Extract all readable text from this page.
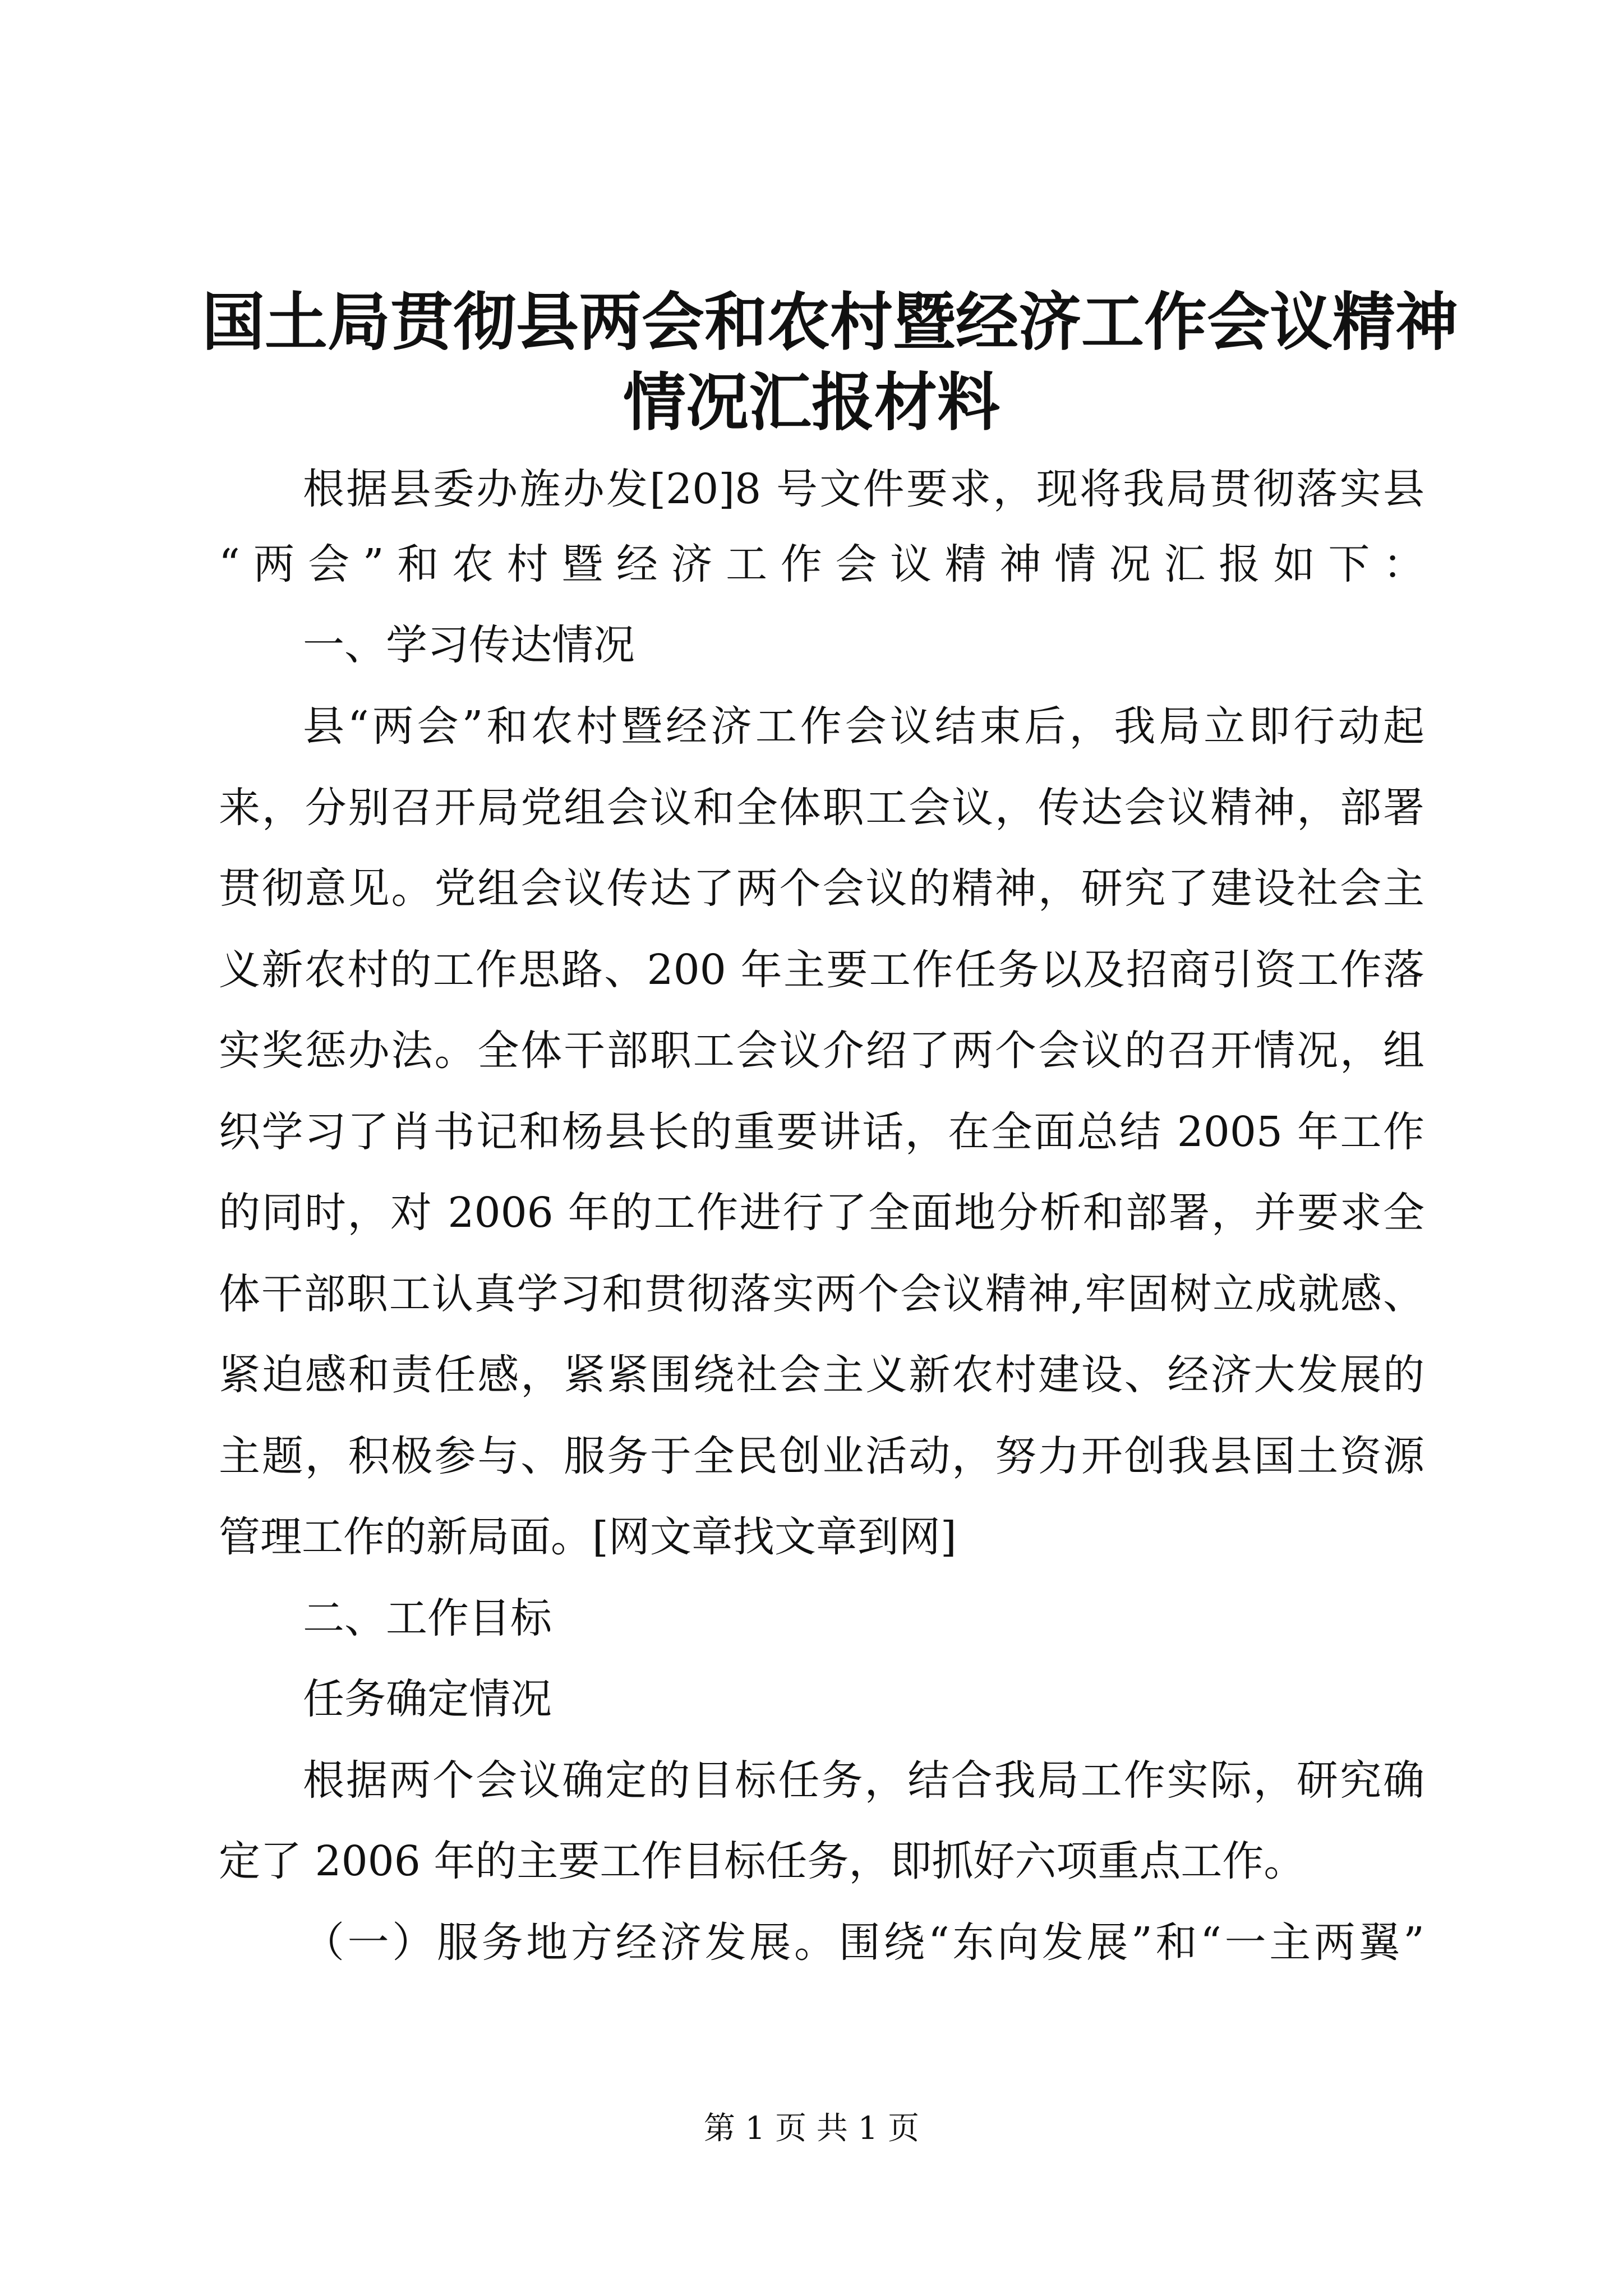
国土局贯彻县两会和农村暨经济工作会议精神
情况汇报材料

根据县委办旌办发[20]8 号文件要求，现将我局贯彻落实县

“两会”和农村暨经济工作会议精神情况汇报如下：

一、学习传达情况

县“两会”和农村暨经济工作会议结束后，我局立即行动起

来，分别召开局党组会议和全体职工会议，传达会议精神，部署

贯彻意见。党组会议传达了两个会议的精神，研究了建设社会主

义新农村的工作思路、200 年主要工作任务以及招商引资工作落

实奖惩办法。全体干部职工会议介绍了两个会议的召开情况，组

织学习了肖书记和杨县长的重要讲话，在全面总结 2005 年工作

的同时，对 2006 年的工作进行了全面地分析和部署，并要求全

体干部职工认真学习和贯彻落实两个会议精神,牢固树立成就感、

紧迫感和责任感，紧紧围绕社会主义新农村建设、经济大发展的

主题，积极参与、服务于全民创业活动，努力开创我县国土资源

管理工作的新局面。[网文章找文章到网]

二、工作目标

任务确定情况

根据两个会议确定的目标任务，结合我局工作实际，研究确

定了 2006 年的主要工作目标任务，即抓好六项重点工作。

（一）服务地方经济发展。围绕“东向发展”和“一主两翼”

第 1 页 共 1 页
